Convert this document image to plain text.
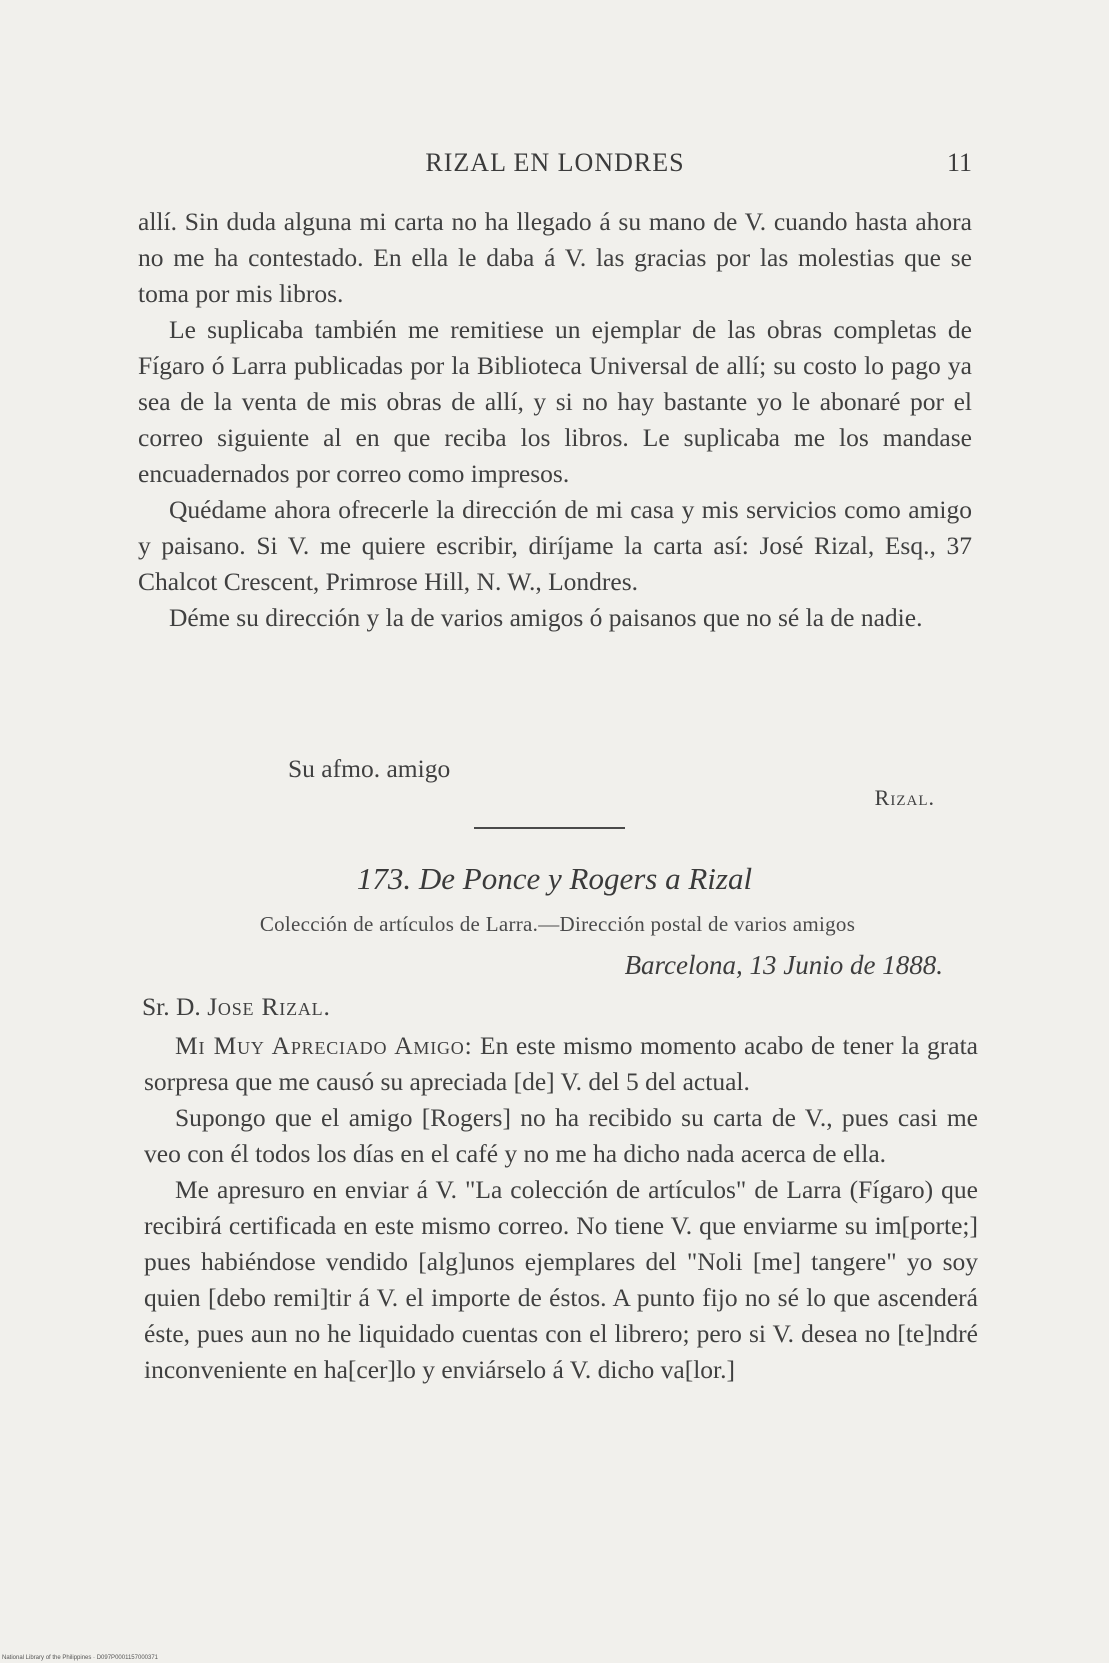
RIZAL EN LONDRES	11

allí. Sin duda alguna mi carta no ha llegado á su mano de V. cuando hasta ahora no me ha contestado. En ella le daba á V. las gracias por las molestias que se toma por mis libros.

Le suplicaba también me remitiese un ejemplar de las obras completas de Fígaro ó Larra publicadas por la Biblioteca Universal de allí; su costo lo pago ya sea de la venta de mis obras de allí, y si no hay bastante yo le abonaré por el correo siguiente al en que reciba los libros. Le suplicaba me los mandase encuadernados por correo como impresos.

Quédame ahora ofrecerle la dirección de mi casa y mis servicios como amigo y paisano. Si V. me quiere escribir, diríjame la carta así: José Rizal, Esq., 37 Chalcot Crescent, Primrose Hill, N. W., Londres.

Déme su dirección y la de varios amigos ó paisanos que no sé la de nadie.

Su afmo. amigo
Rizal.
173. De Ponce y Rogers a Rizal
Colección de artículos de Larra.—Dirección postal de varios amigos
Barcelona, 13 Junio de 1888.
Sr. D. Jose Rizal.

Mi Muy Apreciado Amigo: En este mismo momento acabo de tener la grata sorpresa que me causó su apreciada [de] V. del 5 del actual.

Supongo que el amigo [Rogers] no ha recibido su carta de V., pues casi me veo con él todos los días en el café y no me ha dicho nada acerca de ella.

Me apresuro en enviar á V. "La colección de artículos" de Larra (Fígaro) que recibirá certificada en este mismo correo. No tiene V. que enviarme su im[porte;] pues habiéndose vendido [alg]unos ejemplares del "Noli [me] tangere" yo soy quien [debo remi]tir á V. el importe de éstos. A punto fijo no sé lo que ascenderá éste, pues aun no he liquidado cuentas con el librero; pero si V. desea no [te]ndré inconveniente en ha[cer]lo y enviárselo á V. dicho va[lor.]

National Library of the Philippines · D097P0001157000371
